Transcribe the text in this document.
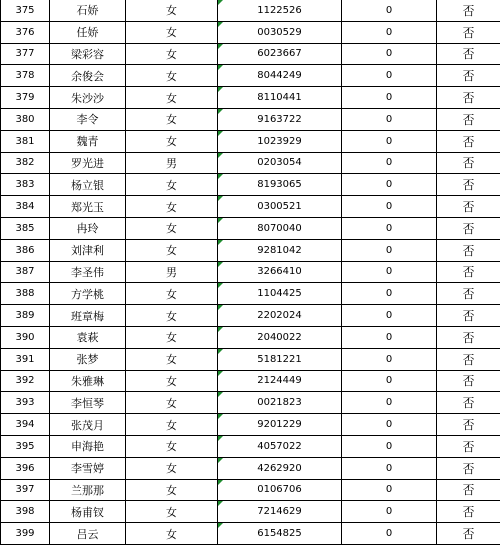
375	石娇	女	1122526	0	否
376	任娇	女	0030529	0	否
377	梁彩容	女	6023667	0	否
378	余俊会	女	8044249	0	否
379	朱沙沙	女	8110441	0	否
380	李令	女	9163722	0	否
381	魏青	女	1023929	0	否
382	罗光进	男	0203054	0	否
383	杨立银	女	8193065	0	否
384	郑光玉	女	0300521	0	否
385	冉玲	女	8070040	0	否
386	刘津利	女	9281042	0	否
387	李圣伟	男	3266410	0	否
388	方学桃	女	1104425	0	否
389	班章梅	女	2202024	0	否
390	袁萩	女	2040022	0	否
391	张梦	女	5181221	0	否
392	朱雅琳	女	2124449	0	否
393	李恒琴	女	0021823	0	否
394	张茂月	女	9201229	0	否
395	申海艳	女	4057022	0	否
396	李雪婷	女	4262920	0	否
397	兰那那	女	0106706	0	否
398	杨甫钗	女	7214629	0	否
399	吕云	女	6154825	0	否
